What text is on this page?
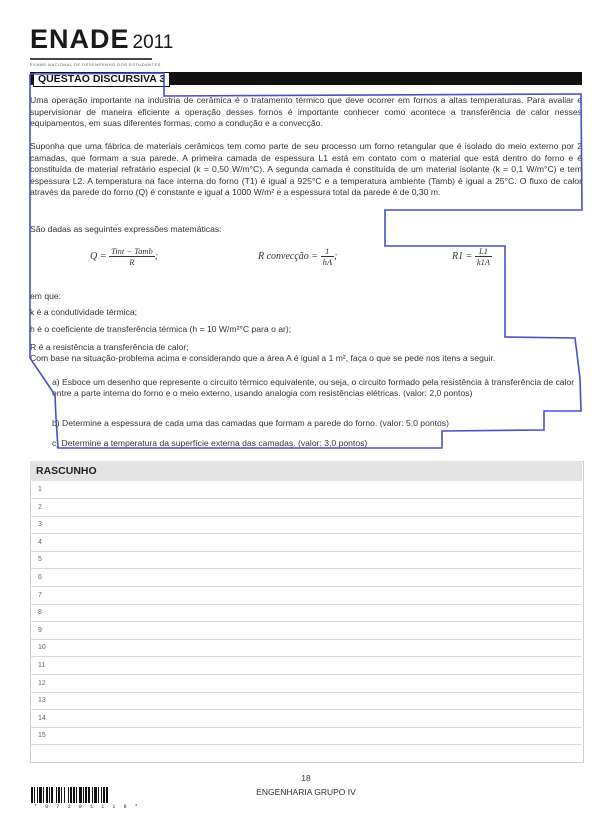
ENADE 2011
EXAME NACIONAL DE DESEMPENHO DOS ESTUDANTES
QUESTÃO DISCURSIVA 3
Uma operação importante na indústria de cerâmica é o tratamento térmico que deve ocorrer em fornos a altas temperaturas. Para avaliar e supervisionar de maneira eficiente a operação desses fornos é importante conhecer como acontece a transferência de calor nesses equipamentos, em suas diferentes formas, como a condução e a convecção.
Suponha que uma fábrica de materiais cerâmicos tem como parte de seu processo um forno retangular que é isolado do meio externo por 2 camadas, que formam a sua parede. A primeira camada de espessura L1 está em contato com o material que está dentro do forno e é constituída de material refratário especial (k = 0,50 W/m°C). A segunda camada é constituída de um material isolante (k = 0,1 W/m°C) e tem espessura L2. A temperatura na face interna do forno (T1) é igual a 925°C e a temperatura ambiente (Tamb) é igual a 25°C. O fluxo de calor através da parede do forno (Q) é constante e igual a 1000 W/m² e a espessura total da parede é de 0,30 m.
São dadas as seguintes expressões matemáticas:
$Q = \frac{\text{Tint − Tamb}}{R}$ ;	R convecção = $\frac{1}{hA}$ ;	$R1 = \frac{L1}{k1A}$
em que:
k é a condutividade térmica;
h é o coeficiente de transferência térmica (h = 10 W/m²°C para o ar);
R é a resistência a transferência de calor;
Com base na situação-problema acima e considerando que a área A é igual a 1 m², faça o que se pede nos itens a seguir.
a) Esboce um desenho que represente o circuito térmico equivalente, ou seja, o circuito formado pela resistência à transferência de calor entre a parte interna do forno e o meio externo, usando analogia com resistências elétricas. (valor: 2,0 pontos)
b) Determine a espessura de cada uma das camadas que formam a parede do forno. (valor: 5,0 pontos)
c) Determine a temperatura da superfície externa das camadas. (valor: 3,0 pontos)
RASCUNHO
1
2
3
4
5
6
7
8
9
10
11
12
13
14
15
18
ENGENHARIA GRUPO IV
* 0 7 2 0 1 1 1 8 *
